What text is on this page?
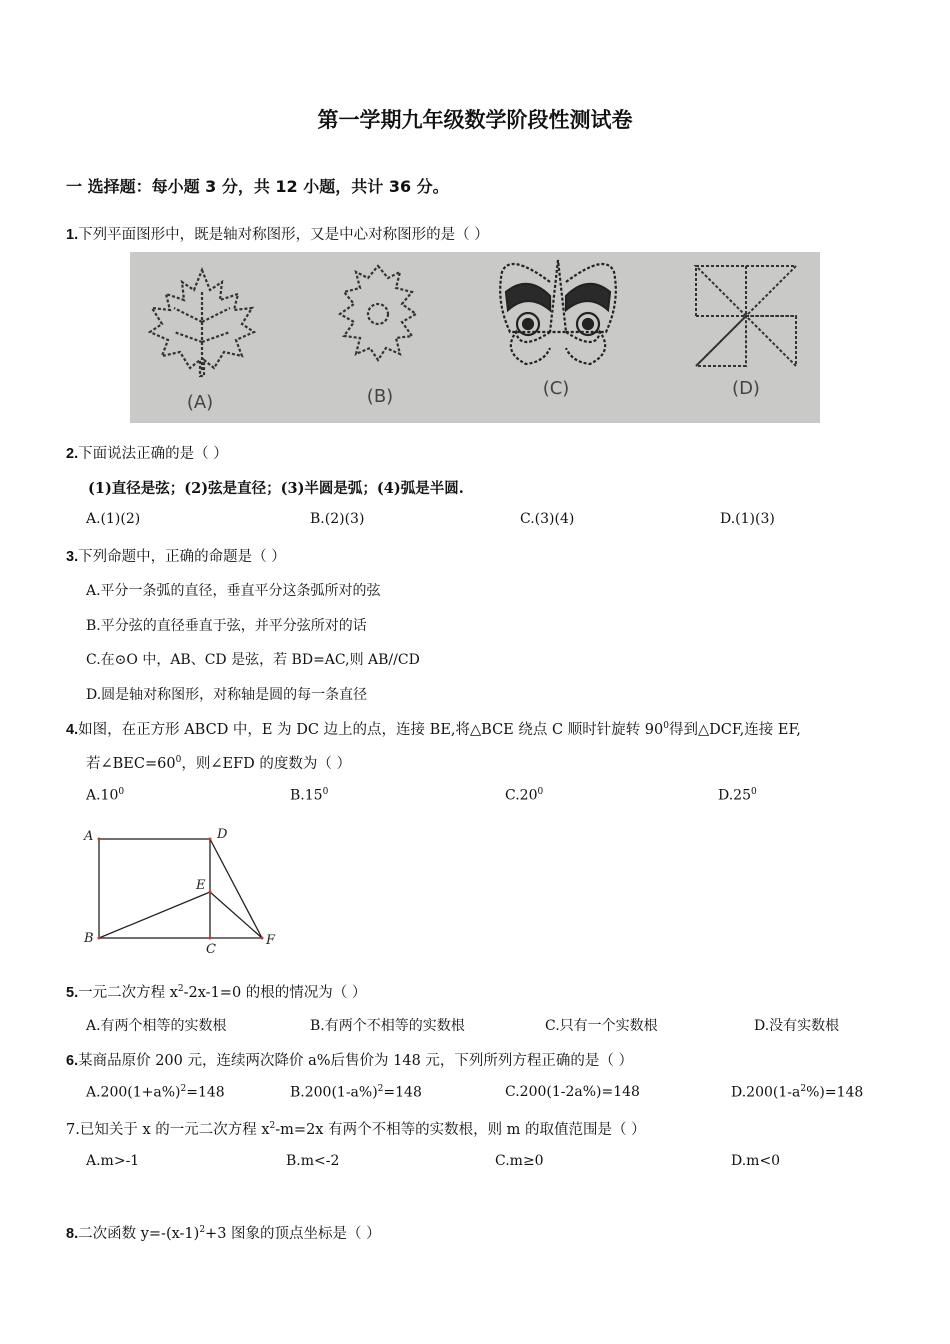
第一学期九年级数学阶段性测试卷
一 选择题：每小题 3 分，共 12 小题，共计 36 分。
1.下列平面图形中，既是轴对称图形，又是中心对称图形的是（ ）
(A)	(B)	(C)	(D)
2.下面说法正确的是（ ）
(1)直径是弦；(2)弦是直径；(3)半圆是弧；(4)弧是半圆.
A.(1)(2)	B.(2)(3)	C.(3)(4)	D.(1)(3)
3.下列命题中，正确的命题是（ ）
A.平分一条弧的直径，垂直平分这条弧所对的弦
B.平分弦的直径垂直于弦，并平分弦所对的话
C.在⊙O 中，AB、CD 是弦，若 BD=AC,则 AB//CD
D.圆是轴对称图形，对称轴是圆的每一条直径
4.如图，在正方形 ABCD 中，E 为 DC 边上的点，连接 BE,将△BCE 绕点 C 顺时针旋转 $90^0$得到△DCF,连接 EF,
若$\angle BEC=60^0$，则∠EFD 的度数为（ ）
$A.10^0$	$B.15^0$	$C.20^0$	$D.25^0$
A	D
E
B
C
F
5.一元二次方程 $x^2-2x-1=0$ 的根的情况为（ ）
A.有两个相等的实数根	B.有两个不相等的实数根	C.只有一个实数根	D.没有实数根
6.某商品原价 200 元，连续两次降价 a%后售价为 148 元，下列所列方程正确的是（ ）
$A.200(1+a\%)^2=148$	$B.200(1-a\%)^2=148$	C.200(1-2a%)=148	$D.200(1-a^2\%)=148$
7.已知关于 x 的一元二次方程 $x^2-m=2x$ 有两个不相等的实数根，则 m 的取值范围是（ ）
A.m>-1	B.m<-2	C.m≥0	D.m<0
8.二次函数 $y=-(x-1)^2+3$ 图象的顶点坐标是（ ）
